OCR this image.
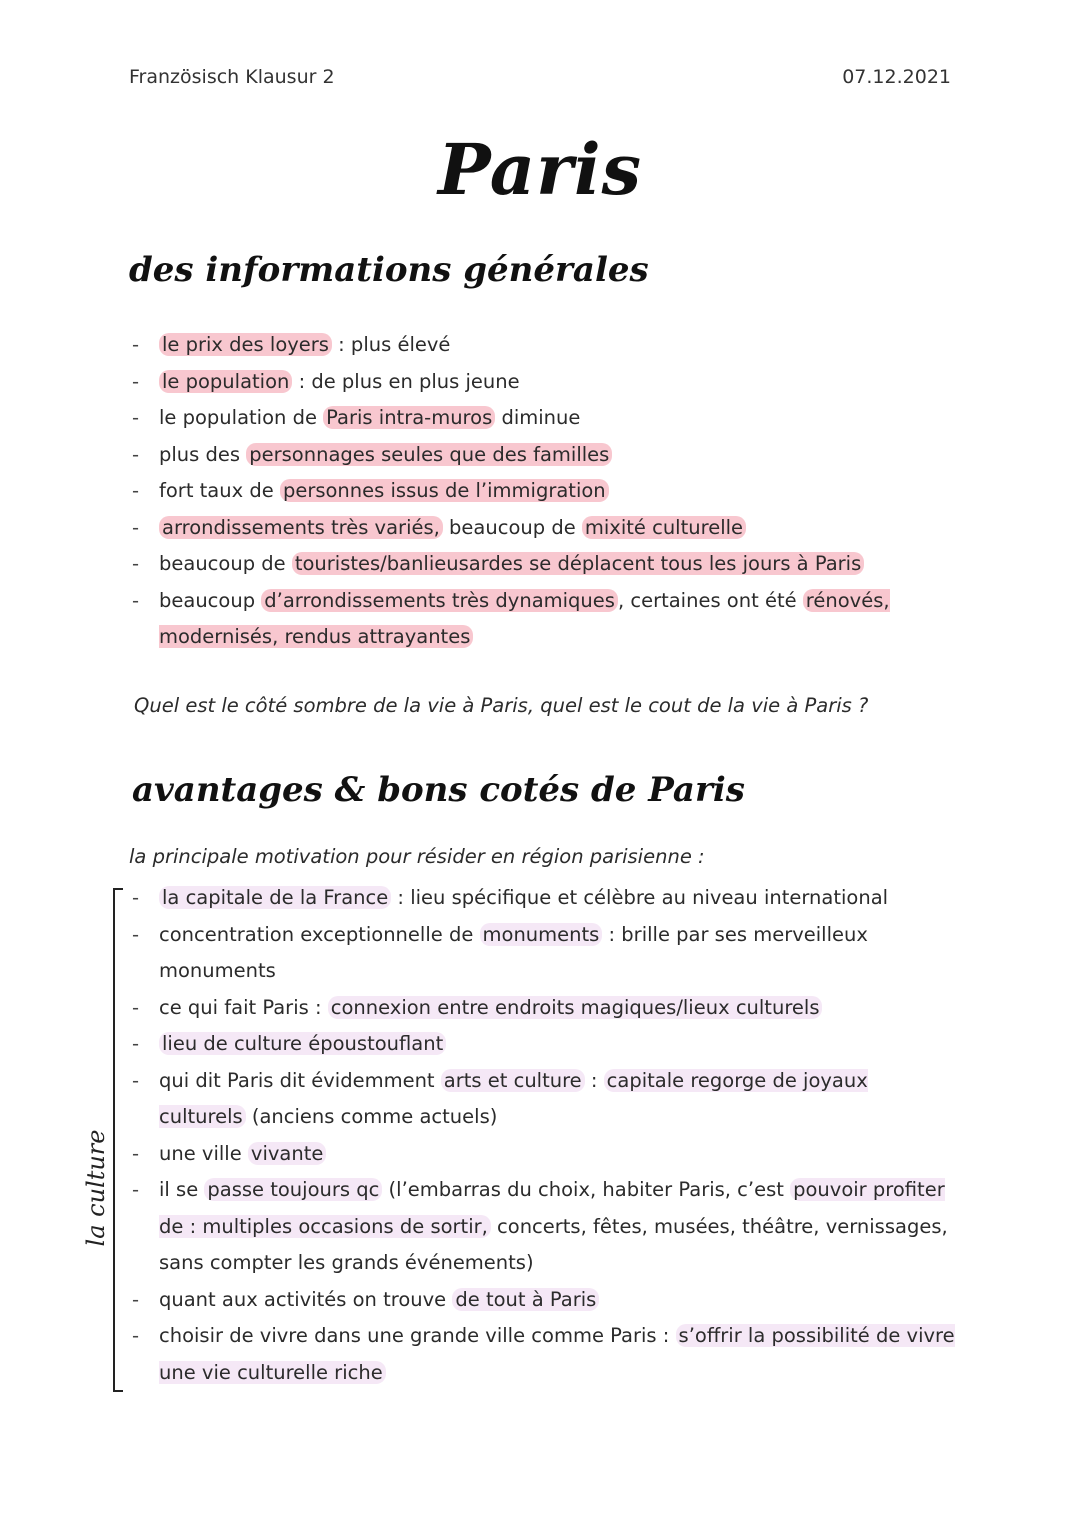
Französisch Klausur 2	07.12.2021
Paris
des informations générales
- le prix des loyers : plus élevé
- le population : de plus en plus jeune
- le population de Paris intra-muros diminue
- plus des personnages seules que des familles
- fort taux de personnes issus de l’immigration
- arrondissements très variés, beaucoup de mixité culturelle
- beaucoup de touristes/banlieusardes se déplacent tous les jours à Paris
- beaucoup d’arrondissements très dynamiques , certaines ont été rénovés, modernisés, rendus attrayantes
Quel est le côté sombre de la vie à Paris, quel est le cout de la vie à Paris ?
avantages & bons cotés de Paris
la principale motivation pour résider en région parisienne :
la culture
- la capitale de la France : lieu spécifique et célèbre au niveau international
- concentration exceptionnelle de monuments : brille par ses merveilleux monuments
- ce qui fait Paris : connexion entre endroits magiques/lieux culturels
- lieu de culture époustouflant
- qui dit Paris dit évidemment arts et culture : capitale regorge de joyaux culturels (anciens comme actuels)
- une ville vivante
- il se passe toujours qc (l’embarras du choix, habiter Paris, c’est pouvoir profiter de : multiples occasions de sortir, concerts, fêtes, musées, théâtre, vernissages, sans compter les grands événements)
- quant aux activités on trouve de tout à Paris
- choisir de vivre dans une grande ville comme Paris : s’offrir la possibilité de vivre une vie culturelle riche
